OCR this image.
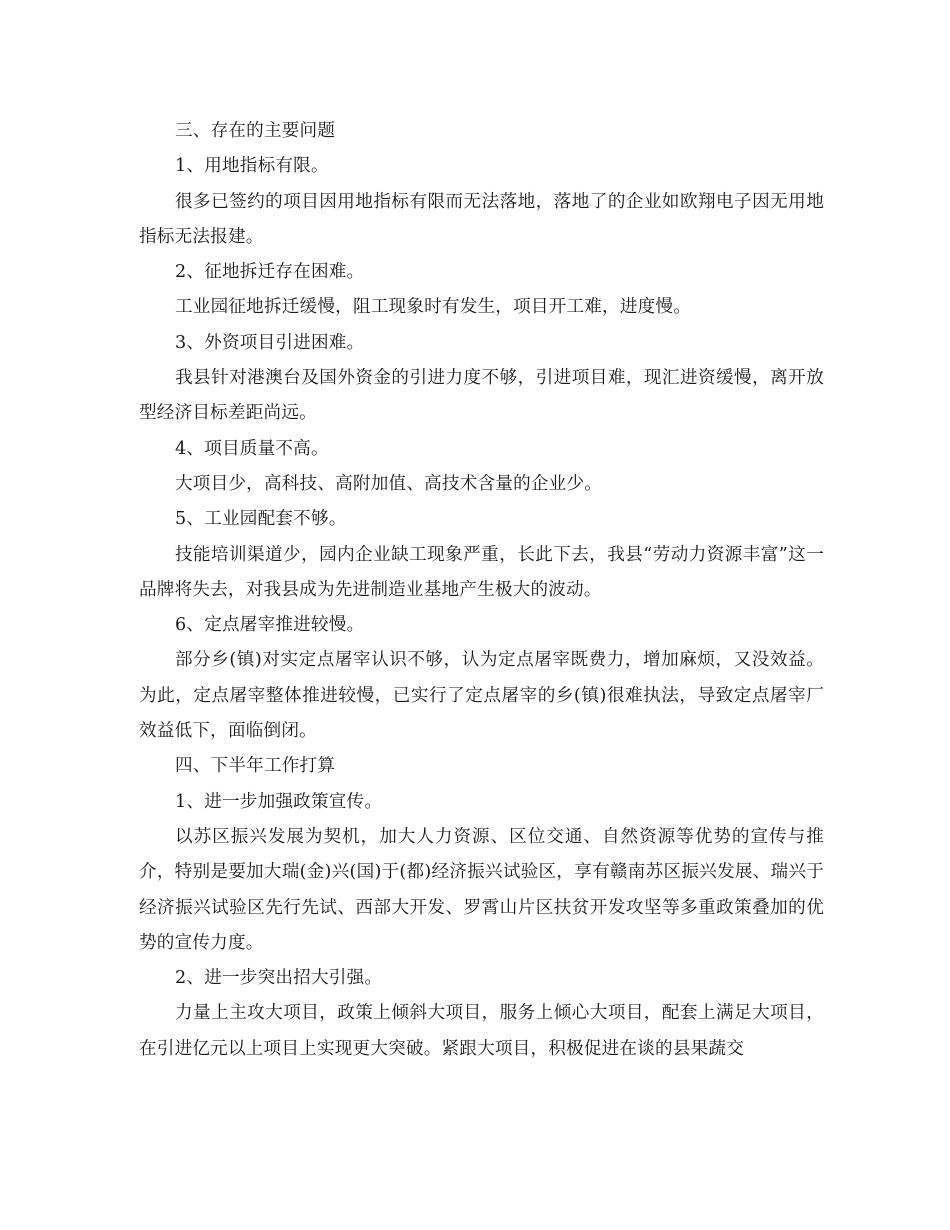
三、存在的主要问题

1、用地指标有限。

很多已签约的项目因用地指标有限而无法落地，落地了的企业如欧翔电子因无用地指标无法报建。

2、征地拆迁存在困难。

工业园征地拆迁缓慢，阻工现象时有发生，项目开工难，进度慢。

3、外资项目引进困难。

我县针对港澳台及国外资金的引进力度不够，引进项目难，现汇进资缓慢，离开放型经济目标差距尚远。

4、项目质量不高。

大项目少，高科技、高附加值、高技术含量的企业少。

5、工业园配套不够。

技能培训渠道少，园内企业缺工现象严重，长此下去，我县“劳动力资源丰富”这一品牌将失去，对我县成为先进制造业基地产生极大的波动。

6、定点屠宰推进较慢。

部分乡(镇)对实定点屠宰认识不够，认为定点屠宰既费力，增加麻烦，又没效益。为此，定点屠宰整体推进较慢，已实行了定点屠宰的乡(镇)很难执法，导致定点屠宰厂效益低下，面临倒闭。

四、下半年工作打算

1、进一步加强政策宣传。

以苏区振兴发展为契机，加大人力资源、区位交通、自然资源等优势的宣传与推介，特别是要加大瑞(金)兴(国)于(都)经济振兴试验区，享有赣南苏区振兴发展、瑞兴于经济振兴试验区先行先试、西部大开发、罗霄山片区扶贫开发攻坚等多重政策叠加的优势的宣传力度。

2、进一步突出招大引强。

力量上主攻大项目，政策上倾斜大项目，服务上倾心大项目，配套上满足大项目，在引进亿元以上项目上实现更大突破。紧跟大项目，积极促进在谈的县果蔬交
